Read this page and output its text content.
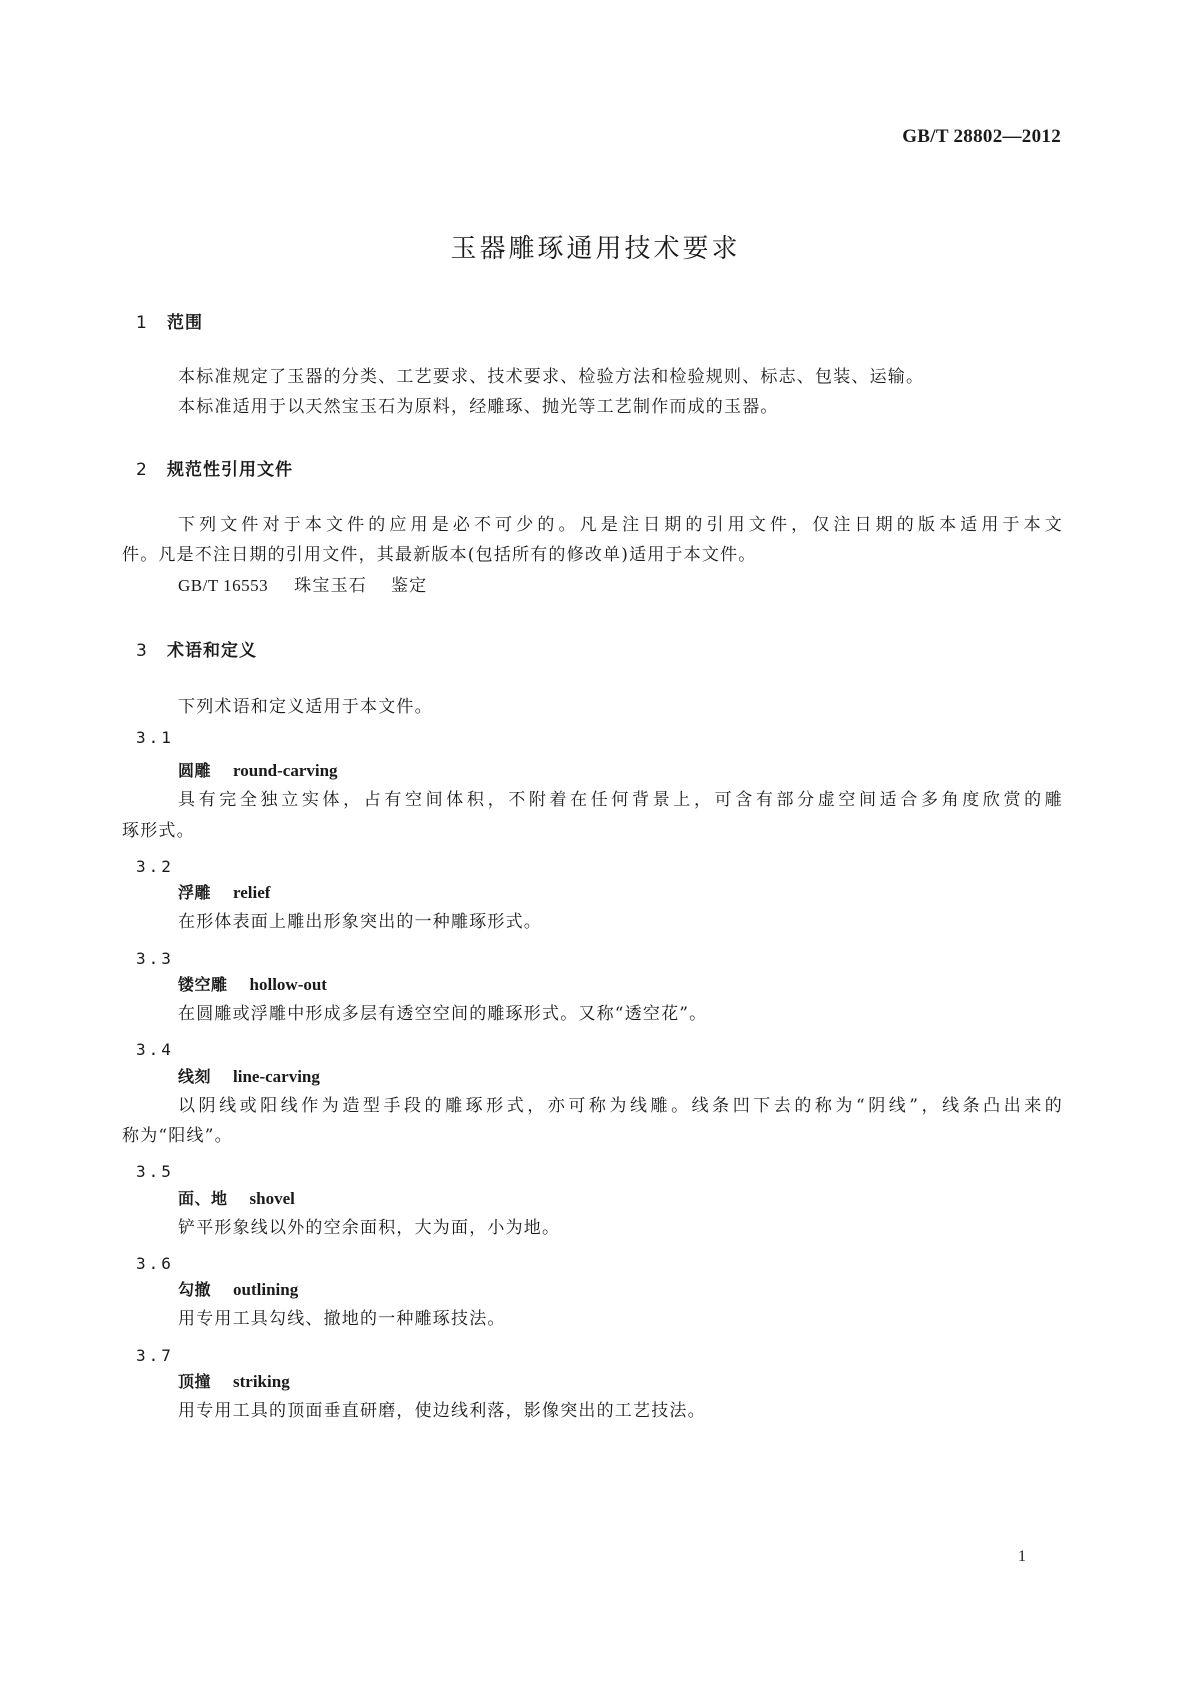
GB/T 28802—2012
玉器雕琢通用技术要求
1 范围
本标准规定了玉器的分类、工艺要求、技术要求、检验方法和检验规则、标志、包装、运输。
本标准适用于以天然宝玉石为原料，经雕琢、抛光等工艺制作而成的玉器。
2 规范性引用文件
下列文件对于本文件的应用是必不可少的。凡是注日期的引用文件，仅注日期的版本适用于本文
件。凡是不注日期的引用文件，其最新版本(包括所有的修改单)适用于本文件。
GB/T 16553 珠宝玉石 鉴定
3 术语和定义
下列术语和定义适用于本文件。
3.1
圆雕 round-carving
具有完全独立实体，占有空间体积，不附着在任何背景上，可含有部分虚空间适合多角度欣赏的雕
琢形式。
3.2
浮雕 relief
在形体表面上雕出形象突出的一种雕琢形式。
3.3
镂空雕 hollow-out
在圆雕或浮雕中形成多层有透空空间的雕琢形式。又称“透空花”。
3.4
线刻 line-carving
以阴线或阳线作为造型手段的雕琢形式，亦可称为线雕。线条凹下去的称为“阴线”，线条凸出来的
称为“阳线”。
3.5
面、地 shovel
铲平形象线以外的空余面积，大为面，小为地。
3.6
勾撤 outlining
用专用工具勾线、撤地的一种雕琢技法。
3.7
顶撞 striking
用专用工具的顶面垂直研磨，使边线利落，影像突出的工艺技法。
1
